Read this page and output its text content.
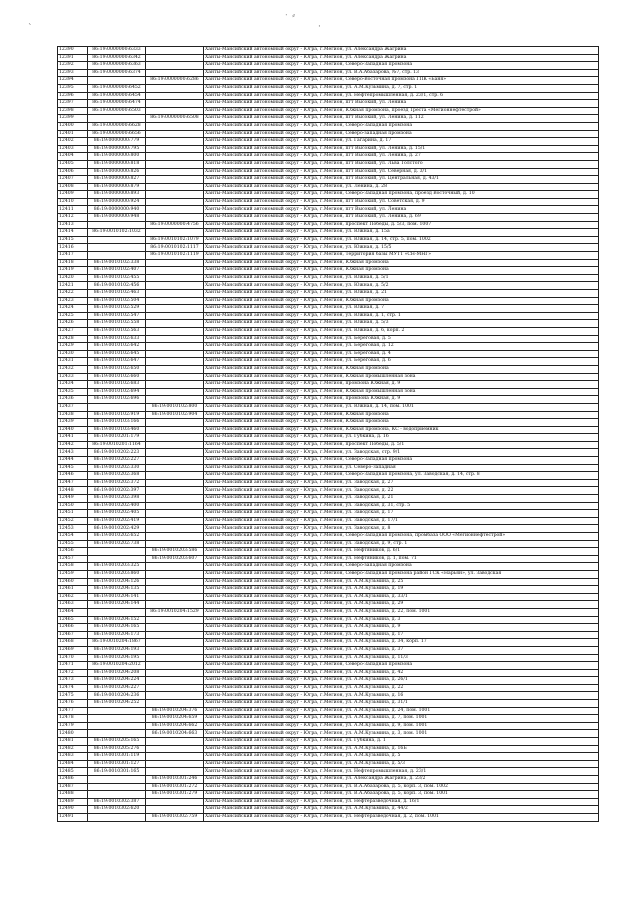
`
ᐧ ⸗
·
12390	86:19:0000000:6333		Ханты-Мансийский автономный округ - Югра, г.Мегион, ул. Александра Жагрина
12391	86:19:0000000:6342		Ханты-Мансийский автономный округ - Югра, г.Мегион, ул. Александра Жагрина
12392	86:19:0000000:6363		Ханты-Мансийский автономный округ - Югра, г.Мегион, Северо-Западная промзона
12393	86:19:0000000:6374		Ханты-Мансийский автономный округ - Югра, г.Мегион, ул. В.А.Абазарова, №7, стр. 13
12394		86:19:0000000:6286	Ханты-Мансийский автономный округ - Югра, г.Мегион, Северо-Восточная промзона ГПК «Баня»
12395	86:19:0000000:6452		Ханты-Мансийский автономный округ - Югра, г.Мегион, ул. А.М.Кузьмина, д. 7, стр. 1
12396	86:19:0000000:6454		Ханты-Мансийский автономный округ - Югра, г.Мегион, ул. Нефтепромышленная, д. 23/1, стр. 6
12397	86:19:0000000:6474		Ханты-Мансийский автономный округ - Югра, г.Мегион, пгт Высокий, ул. Ленина
12398	86:19:0000000:6503		Ханты-Мансийский автономный округ - Югра, г.Мегион, Южная промзона, проезд Треста «Мегионнефтестрой»
12399		86:19:0000000:6508	Ханты-Мансийский автономный округ - Югра, г.Мегион, пгт Высокий, ул. Ленина, д. 112
12400	86:19:0000000:6628		Ханты-Мансийский автономный округ - Югра, г.Мегион, Северо-Западная промзона
12401	86:19:0000000:6656		Ханты-Мансийский автономный округ - Югра, г.Мегион, Северо-западная промзона
12402	86:19:0000000:779		Ханты-Мансийский автономный округ - Югра, г.Мегион, ул. Гагарина, д. 17
12403	86:19:0000000:795		Ханты-Мансийский автономный округ - Югра, г.Мегион, пгт Высокий, ул. Ленина, д. 15/1
12404	86:19:0000000:800		Ханты-Мансийский автономный округ - Югра, г.Мегион, пгт Высокий, ул. Ленина, д. 27
12405	86:19:0000000:818		Ханты-Мансийский автономный округ - Югра, г.Мегион, пгт Высокий, ул. Льва Толстого
12406	86:19:0000000:826		Ханты-Мансийский автономный округ - Югра, г.Мегион, пгт Высокий, ул. Северная, д. 3/1
12407	86:19:0000000:827		Ханты-Мансийский автономный округ - Югра, г.Мегион, пгт Высокий, ул. Центральная, д. 43/1
12408	86:19:0000000:879		Ханты-Мансийский автономный округ - Югра, г.Мегион, ул. Ленина, д. 28
12409	86:19:0000000:893		Ханты-Мансийский автономный округ - Югра, г.Мегион, Северо-Западная промзона, проезд Восточный, д. 10
12410	86:19:0000000:924		Ханты-Мансийский автономный округ - Югра, г.Мегион, пгт Высокий, ул. Советская, д. 9
12411	86:19:0000000:940		Ханты-Мансийский автономный округ - Югра, г.Мегион, пгт Высокий, ул. Ленина
12412	86:19:0000000:948		Ханты-Мансийский автономный округ - Югра, г.Мегион, пгт Высокий, ул. Ленина, д. 69
12413		86:19:0000000:4756	Ханты-Мансийский автономный округ - Югра, г.Мегион, проспект Победы, д. 5/3, пом. 1007
12414	86:19:0010102:1032		Ханты-Мансийский автономный округ - Югра, г.Мегион, ул. Южная, д. 15а
12415		86:19:0010102:1079	Ханты-Мансийский автономный округ - Югра, г.Мегион, ул. Южная, д. 14, стр. 5, пом. 1002
12416		86:19:0010102:1117	Ханты-Мансийский автономный округ - Югра, г.Мегион, ул. Южная, д. 15/5
12417		86:19:0010102:1119	Ханты-Мансийский автономный округ - Югра, г.Мегион, Территория базы МУТТ «СН-МНГ»
12418	86:19:0010102:338		Ханты-Мансийский автономный округ - Югра, г.Мегион, Южная промзона
12419	86:19:0010102:407		Ханты-Мансийский автономный округ - Югра, г.Мегион, Южная промзона
12420	86:19:0010102:455		Ханты-Мансийский автономный округ - Югра, г.Мегион, ул. Южная, д. 5/1
12421	86:19:0010102:456		Ханты-Мансийский автономный округ - Югра, г.Мегион, ул. Южная, д. 5/2
12422	86:19:0010102:463		Ханты-Мансийский автономный округ - Югра, г.Мегион, ул. Южная, д. 21
12423	86:19:0010102:504		Ханты-Мансийский автономный округ - Югра, г.Мегион, Южная промзона
12424	86:19:0010102:529		Ханты-Мансийский автономный округ - Югра, г.Мегион, ул. Южная, д. 7
12425	86:19:0010102:547		Ханты-Мансийский автономный округ - Югра, г.Мегион, ул. Южная, д. 1, стр. 1
12426	86:19:0010102:558		Ханты-Мансийский автономный округ - Югра, г.Мегион, ул. Южная, д. 5/3
12427	86:19:0010102:563		Ханты-Мансийский автономный округ - Югра, г.Мегион, ул. Южная, д. 6, корп. 2
12428	86:19:0010102:633		Ханты-Мансийский автономный округ - Югра, г.Мегион, ул. Береговая, д. 5
12429	86:19:0010102:642		Ханты-Мансийский автономный округ - Югра, г.Мегион, ул. Береговая, д. 12
12430	86:19:0010102:645		Ханты-Мансийский автономный округ - Югра, г.Мегион, ул. Береговая, д. 4
12431	86:19:0010102:647		Ханты-Мансийский автономный округ - Югра, г.Мегион, ул. Береговая, д. 6
12432	86:19:0010102:650		Ханты-Мансийский автономный округ - Югра, г.Мегион, Южная промзона
12433	86:19:0010102:660		Ханты-Мансийский автономный округ - Югра, г.Мегион, Южная промышленная зона
12434	86:19:0010102:683		Ханты-Мансийский автономный округ - Югра, г.Мегион, промзона Южная, д. 9
12435	86:19:0010102:694		Ханты-Мансийский автономный округ - Югра, г.Мегион, Южная промышленная зона
12436	86:19:0010102:696		Ханты-Мансийский автономный округ - Югра, г.Мегион, промзона Южная, д. 9
12437		86:19:0010102:800	Ханты-Мансийский автономный округ - Югра, г.Мегион, ул. Южная, д. 14, пом. 1001
12438	86:19:0010102:919	86:19:0010102:904	Ханты-Мансийский автономный округ - Югра, г.Мегион, Южная промзона
12439	86:19:0010103:166		Ханты-Мансийский автономный округ - Югра, г.Мегион, Южная промзона
12440	86:19:0010103:460		Ханты-Мансийский автономный округ - Югра, г.Мегион, Южная промзона, КС - водоприемник
12441	86:19:0010201:179		Ханты-Мансийский автономный округ - Югра, г.Мегион, ул. Губкина, д. 16
12442	86:19:0010201:1164		Ханты-Мансийский автономный округ - Югра, г.Мегион, проспект Победы, д. 5/1
12443	86:19:0010202:223		Ханты-Мансийский автономный округ - Югра, г.Мегион, ул. Заводская, стр. 9/1
12444	86:19:0010202:227		Ханты-Мансийский автономный округ - Югра, г.Мегион, Северо-Западная промзона
12445	86:19:0010202:330		Ханты-Мансийский автономный округ - Югра, г.Мегион, ул. Северо-Западная
12446	86:19:0010202:368		Ханты-Мансийский автономный округ - Югра, г.Мегион, Северо-Западная промзона, ул. Заводская, д. 14, стр. 8
12447	86:19:0010202:372		Ханты-Мансийский автономный округ - Югра, г.Мегион, ул. Заводская, д. 27
12448	86:19:0010202:397		Ханты-Мансийский автономный округ - Югра, г.Мегион, ул. Заводская, д. 22
12449	86:19:0010202:398		Ханты-Мансийский автономный округ - Югра, г.Мегион, ул. Заводская, д. 21
12450	86:19:0010202:400		Ханты-Мансийский автономный округ - Югра, г.Мегион, ул. Заводская, д. 31, стр. 5
12451	86:19:0010202:405		Ханты-Мансийский автономный округ - Югра, г.Мегион, ул. Заводская, д. 17
12452	86:19:0010202:419		Ханты-Мансийский автономный округ - Югра, г.Мегион, ул. Заводская, д. 17/1
12453	86:19:0010202:429		Ханты-Мансийский автономный округ - Югра, г.Мегион, ул. Заводская, д. 8
12454	86:19:0010202:652		Ханты-Мансийский автономный округ - Югра, г.Мегион, Северо-Западная промзона, промбаза ООО «Мегионнефтестрой»
12455	86:19:0010202:738		Ханты-Мансийский автономный округ - Югра, г.Мегион, ул. Заводская, д. 9, стр. 1
12456		86:19:0010203:586	Ханты-Мансийский автономный округ - Югра, г.Мегион, ул. Нефтяников, д. 6/1
12457		86:19:0010203:607	Ханты-Мансийский автономный округ - Югра, г.Мегион, ул. Нефтяников, д. 1, пом. 71
12458	86:19:0010203:325		Ханты-Мансийский автономный округ - Югра, г.Мегион, Северо-западная промзона
12459	86:19:0010203:860		Ханты-Мансийский автономный округ - Югра, г.Мегион, Северо-Западная промзона район ГСК «Нарьян», ул. Заводская
12460	86:19:0010204:126		Ханты-Мансийский автономный округ - Югра, г.Мегион, ул. А.М.Кузьмина, д. 25
12461	86:19:0010204:135		Ханты-Мансийский автономный округ - Югра, г.Мегион, ул. А.М.Кузьмина, д. 19
12462	86:19:0010204:141		Ханты-Мансийский автономный округ - Югра, г.Мегион, ул. А.М.Кузьмина, д. 33/1
12463	86:19:0010204:144		Ханты-Мансийский автономный округ - Югра, г.Мегион, ул. А.М.Кузьмина, д. 29
12464		86:19:0010204:1529	Ханты-Мансийский автономный округ - Югра, г.Мегион, ул. А.М.Кузьмина, д. 22, пом. 1001
12465	86:19:0010204:152		Ханты-Мансийский автономный округ - Югра, г.Мегион, ул. А.М.Кузьмина, д. 3
12466	86:19:0010204:165		Ханты-Мансийский автономный округ - Югра, г.Мегион, ул. А.М.Кузьмина, д. 9
12467	86:19:0010204:173		Ханты-Мансийский автономный округ - Югра, г.Мегион, ул. А.М.Кузьмина, д. 17
12468	86:19:0010204:1867		Ханты-Мансийский автономный округ - Югра, г.Мегион, ул. А.М.Кузьмина, д. 34, корп. 17
12469	86:19:0010204:193		Ханты-Мансийский автономный округ - Югра, г.Мегион, ул. А.М.Кузьмина, д. 37
12470	86:19:0010204:195		Ханты-Мансийский автономный округ - Югра, г.Мегион, ул. А.М.Кузьмина, д. 11/3
12471	86:19:0010204:2012		Ханты-Мансийский автономный округ - Югра, г.Мегион, Северо-Западная промзона
12472	86:19:0010204:208		Ханты-Мансийский автономный округ - Югра, г.Мегион, ул. А.М.Кузьмина, д. 42
12473	86:19:0010204:224		Ханты-Мансийский автономный округ - Югра, г.Мегион, ул. А.М.Кузьмина, д. 26/1
12474	86:19:0010204:227		Ханты-Мансийский автономный округ - Югра, г.Мегион, ул. А.М.Кузьмина, д. 22
12475	86:19:0010204:236		Ханты-Мансийский автономный округ - Югра, г.Мегион, ул. А.М.Кузьмина, д. 16
12476	86:19:0010204:252		Ханты-Мансийский автономный округ - Югра, г.Мегион, ул. А.М.Кузьмина, д. 31/1
12477		86:19:0010204:376	Ханты-Мансийский автономный округ - Югра, г.Мегион, ул. А.М.Кузьмина, д. 24, пом. 1001
12478		86:19:0010204:659	Ханты-Мансийский автономный округ - Югра, г.Мегион, ул. А.М.Кузьмина, д. 7, пом. 1001
12479		86:19:0010204:662	Ханты-Мансийский автономный округ - Югра, г.Мегион, ул. А.М.Кузьмина, д. 9, пом. 1001
12480		86:19:0010204:663	Ханты-Мансийский автономный округ - Югра, г.Мегион, ул. А.М.Кузьмина, д. 3, пом. 1001
12481	86:19:0010205:165		Ханты-Мансийский автономный округ - Югра, г.Мегион, ул. Губкина, д. 1
12482	86:19:0010205:276		Ханты-Мансийский автономный округ - Югра, г.Мегион, ул. А.М.Кузьмина, д. 16Б
12483	86:19:0010301:119		Ханты-Мансийский автономный округ - Югра, г.Мегион, ул. А.М.Кузьмина, д. 5
12484	86:19:0010301:127		Ханты-Мансийский автономный округ - Югра, г.Мегион, ул. А.М.Кузьмина, д. 5/3
12485	86:19:0010301:165		Ханты-Мансийский автономный округ - Югра, г.Мегион, ул. Нефтепромышленная, д. 23/1
12486		86:19:0010301:246	Ханты-Мансийский автономный округ - Югра, г.Мегион, ул. Александра Жагрина, д. 23/2
12487		86:19:0010301:272	Ханты-Мансийский автономный округ - Югра, г.Мегион, ул. В.А.Абазарова, д. 5, корп. 3, пом. 1002
12488		86:19:0010301:279	Ханты-Мансийский автономный округ - Югра, г.Мегион, ул. В.А.Абазарова, д. 5, корп. 3, пом. 1001
12489	86:19:0010302:387		Ханты-Мансийский автономный округ - Югра, г.Мегион, ул. Нефтеразведочная, д. 16/1
12490	86:19:0010302:620		Ханты-Мансийский автономный округ - Югра, г.Мегион, ул. А.М.Кузьмина, д. 44/2
12491		86:19:0010302:759	Ханты-Мансийский автономный округ - Югра, г.Мегион, ул. Нефтеразведочная, д. 2, пом. 1001
